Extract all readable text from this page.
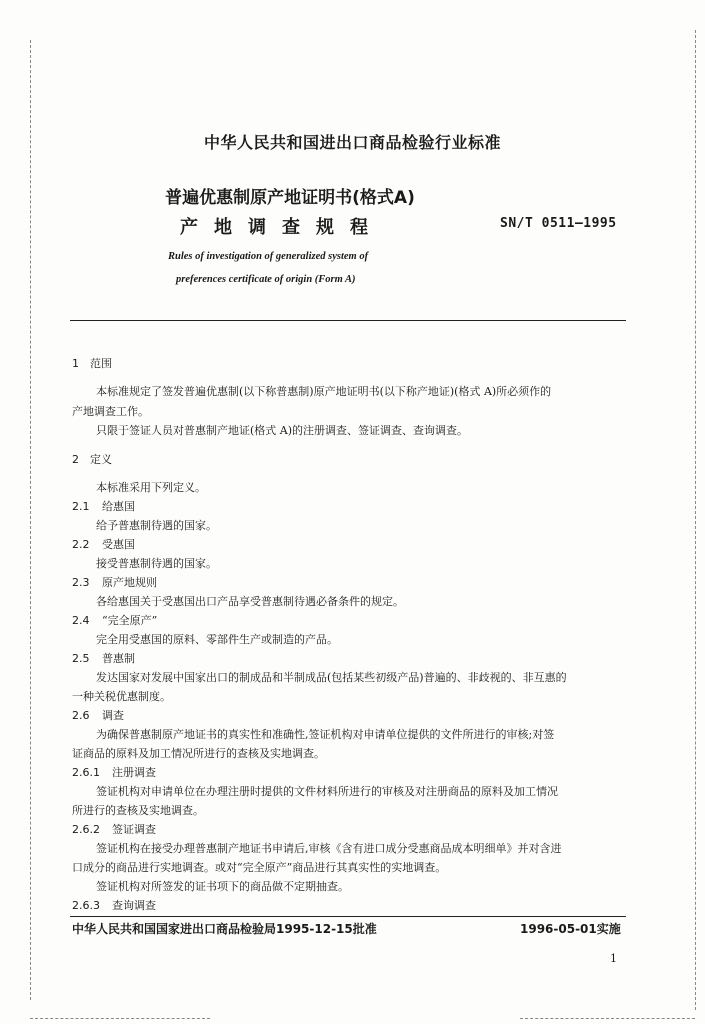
中华人民共和国进出口商品检验行业标准
普遍优惠制原产地证明书(格式A)
产地调查规程	SN/T 0511—1995
Rules of investigation of generalized system of
preferences certificate of origin (Form A)
1 范围
本标准规定了签发普遍优惠制(以下称普惠制)原产地证明书(以下称产地证)(格式 A)所必须作的
产地调查工作。
只限于签证人员对普惠制产地证(格式 A)的注册调查、签证调查、查询调查。
2 定义
本标准采用下列定义。
2.1 给惠国
给予普惠制待遇的国家。
2.2 受惠国
接受普惠制待遇的国家。
2.3 原产地规则
各给惠国关于受惠国出口产品享受普惠制待遇必备条件的规定。
2.4 “完全原产”
完全用受惠国的原料、零部件生产或制造的产品。
2.5 普惠制
发达国家对发展中国家出口的制成品和半制成品(包括某些初级产品)普遍的、非歧视的、非互惠的
一种关税优惠制度。
2.6 调查
为确保普惠制原产地证书的真实性和准确性,签证机构对申请单位提供的文件所进行的审核;对签
证商品的原料及加工情况所进行的查核及实地调查。
2.6.1 注册调查
签证机构对申请单位在办理注册时提供的文件材料所进行的审核及对注册商品的原料及加工情况
所进行的查核及实地调查。
2.6.2 签证调查
签证机构在接受办理普惠制产地证书申请后,审核《含有进口成分受惠商品成本明细单》并对含进
口成分的商品进行实地调查。或对“完全原产”商品进行其真实性的实地调查。
签证机构对所签发的证书项下的商品做不定期抽查。
2.6.3 查询调查
中华人民共和国国家进出口商品检验局1995-12-15批准	1996-05-01实施
1
